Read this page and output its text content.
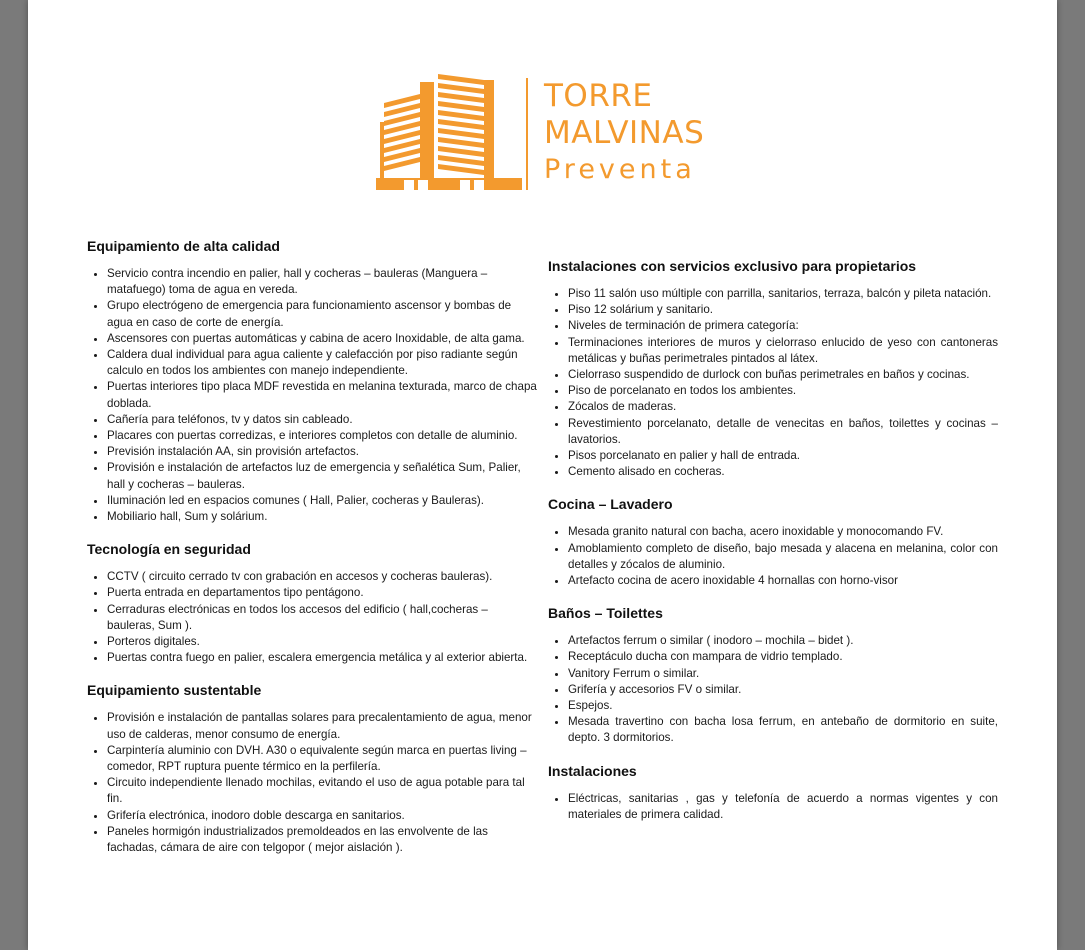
TORRE
MALVINAS
Preventa
Equipamiento de alta calidad
• Servicio contra incendio en palier, hall y cocheras – bauleras (Manguera – matafuego) toma de agua en vereda.
• Grupo electrógeno de emergencia para funcionamiento ascensor y bombas de agua en caso de corte de energía.
• Ascensores con puertas automáticas y cabina de acero Inoxidable, de alta gama.
• Caldera dual individual para agua caliente y calefacción por piso radiante según calculo en todos los ambientes con manejo independiente.
• Puertas interiores tipo placa MDF revestida en melanina texturada, marco de chapa doblada.
• Cañería para teléfonos, tv y datos sin cableado.
• Placares con puertas corredizas, e interiores completos con detalle de aluminio.
• Previsión instalación AA, sin provisión artefactos.
• Provisión e instalación de artefactos luz de emergencia y señalética Sum, Palier, hall y cocheras – bauleras.
• Iluminación led en espacios comunes ( Hall, Palier, cocheras y Bauleras).
• Mobiliario hall, Sum y solárium.
Tecnología en seguridad
• CCTV ( circuito cerrado tv con grabación en accesos y cocheras bauleras).
• Puerta entrada en departamentos tipo pentágono.
• Cerraduras electrónicas en todos los accesos del edificio ( hall,cocheras – bauleras, Sum ).
• Porteros digitales.
• Puertas contra fuego en palier, escalera emergencia metálica y al exterior abierta.
Equipamiento sustentable
• Provisión e instalación de pantallas solares para precalentamiento de agua, menor uso de calderas, menor consumo de energía.
• Carpintería aluminio con DVH. A30 o equivalente según marca en puertas living – comedor, RPT ruptura puente térmico en la perfilería.
• Circuito independiente llenado mochilas, evitando el uso de agua potable para tal fin.
• Grifería electrónica, inodoro doble descarga en sanitarios.
• Paneles hormigón industrializados premoldeados en las envolvente de las fachadas, cámara de aire con telgopor ( mejor aislación ).
Instalaciones con servicios exclusivo para propietarios
• Piso 11 salón uso múltiple con parrilla, sanitarios, terraza, balcón y pileta natación.
• Piso 12 solárium y sanitario.
• Niveles de terminación de primera categoría:
• Terminaciones interiores de muros y cielorraso enlucido de yeso con cantoneras metálicas y buñas perimetrales pintados al látex.
• Cielorraso suspendido de durlock con buñas perimetrales en baños y cocinas.
• Piso de porcelanato en todos los ambientes.
• Zócalos de maderas.
• Revestimiento porcelanato, detalle de venecitas en baños, toilettes y cocinas – lavatorios.
• Pisos porcelanato en palier y hall de entrada.
• Cemento alisado en cocheras.
Cocina – Lavadero
• Mesada granito natural con bacha, acero inoxidable y monocomando FV.
• Amoblamiento completo de diseño, bajo mesada y alacena en melanina, color con detalles y zócalos de aluminio.
• Artefacto cocina de acero inoxidable 4 hornallas con horno-visor
Baños – Toilettes
• Artefactos ferrum o similar ( inodoro – mochila – bidet ).
• Receptáculo ducha con mampara de vidrio templado.
• Vanitory Ferrum o similar.
• Grifería y accesorios FV o similar.
• Espejos.
• Mesada travertino con bacha losa ferrum, en antebaño de dormitorio en suite, depto. 3 dormitorios.
Instalaciones
• Eléctricas, sanitarias , gas y telefonía de acuerdo a normas vigentes y con materiales de primera calidad.
